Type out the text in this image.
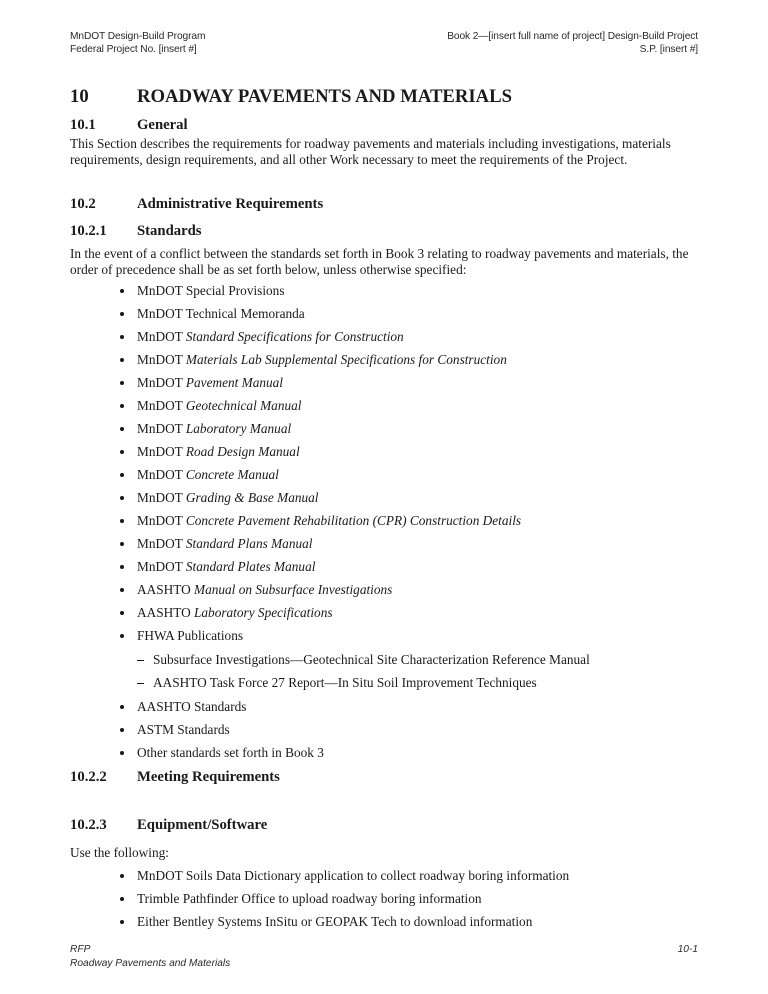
MnDOT Design-Build Program
Federal Project No. [insert #]
Book 2—[insert full name of project] Design-Build Project
S.P. [insert #]
10	ROADWAY PAVEMENTS AND MATERIALS
10.1	General
This Section describes the requirements for roadway pavements and materials including investigations, materials requirements, design requirements, and all other Work necessary to meet the requirements of the Project.
10.2	Administrative Requirements
10.2.1 Standards
In the event of a conflict between the standards set forth in Book 3 relating to roadway pavements and materials, the order of precedence shall be as set forth below, unless otherwise specified:
MnDOT Special Provisions
MnDOT Technical Memoranda
MnDOT Standard Specifications for Construction
MnDOT Materials Lab Supplemental Specifications for Construction
MnDOT Pavement Manual
MnDOT Geotechnical Manual
MnDOT Laboratory Manual
MnDOT Road Design Manual
MnDOT Concrete Manual
MnDOT Grading & Base Manual
MnDOT Concrete Pavement Rehabilitation (CPR) Construction Details
MnDOT Standard Plans Manual
MnDOT Standard Plates Manual
AASHTO Manual on Subsurface Investigations
AASHTO Laboratory Specifications
FHWA Publications
Subsurface Investigations—Geotechnical Site Characterization Reference Manual
AASHTO Task Force 27 Report—In Situ Soil Improvement Techniques
AASHTO Standards
ASTM Standards
Other standards set forth in Book 3
10.2.2 Meeting Requirements
10.2.3 Equipment/Software
Use the following:
MnDOT Soils Data Dictionary application to collect roadway boring information
Trimble Pathfinder Office to upload roadway boring information
Either Bentley Systems InSitu or GEOPAK Tech to download information
RFP
Roadway Pavements and Materials
10-1
